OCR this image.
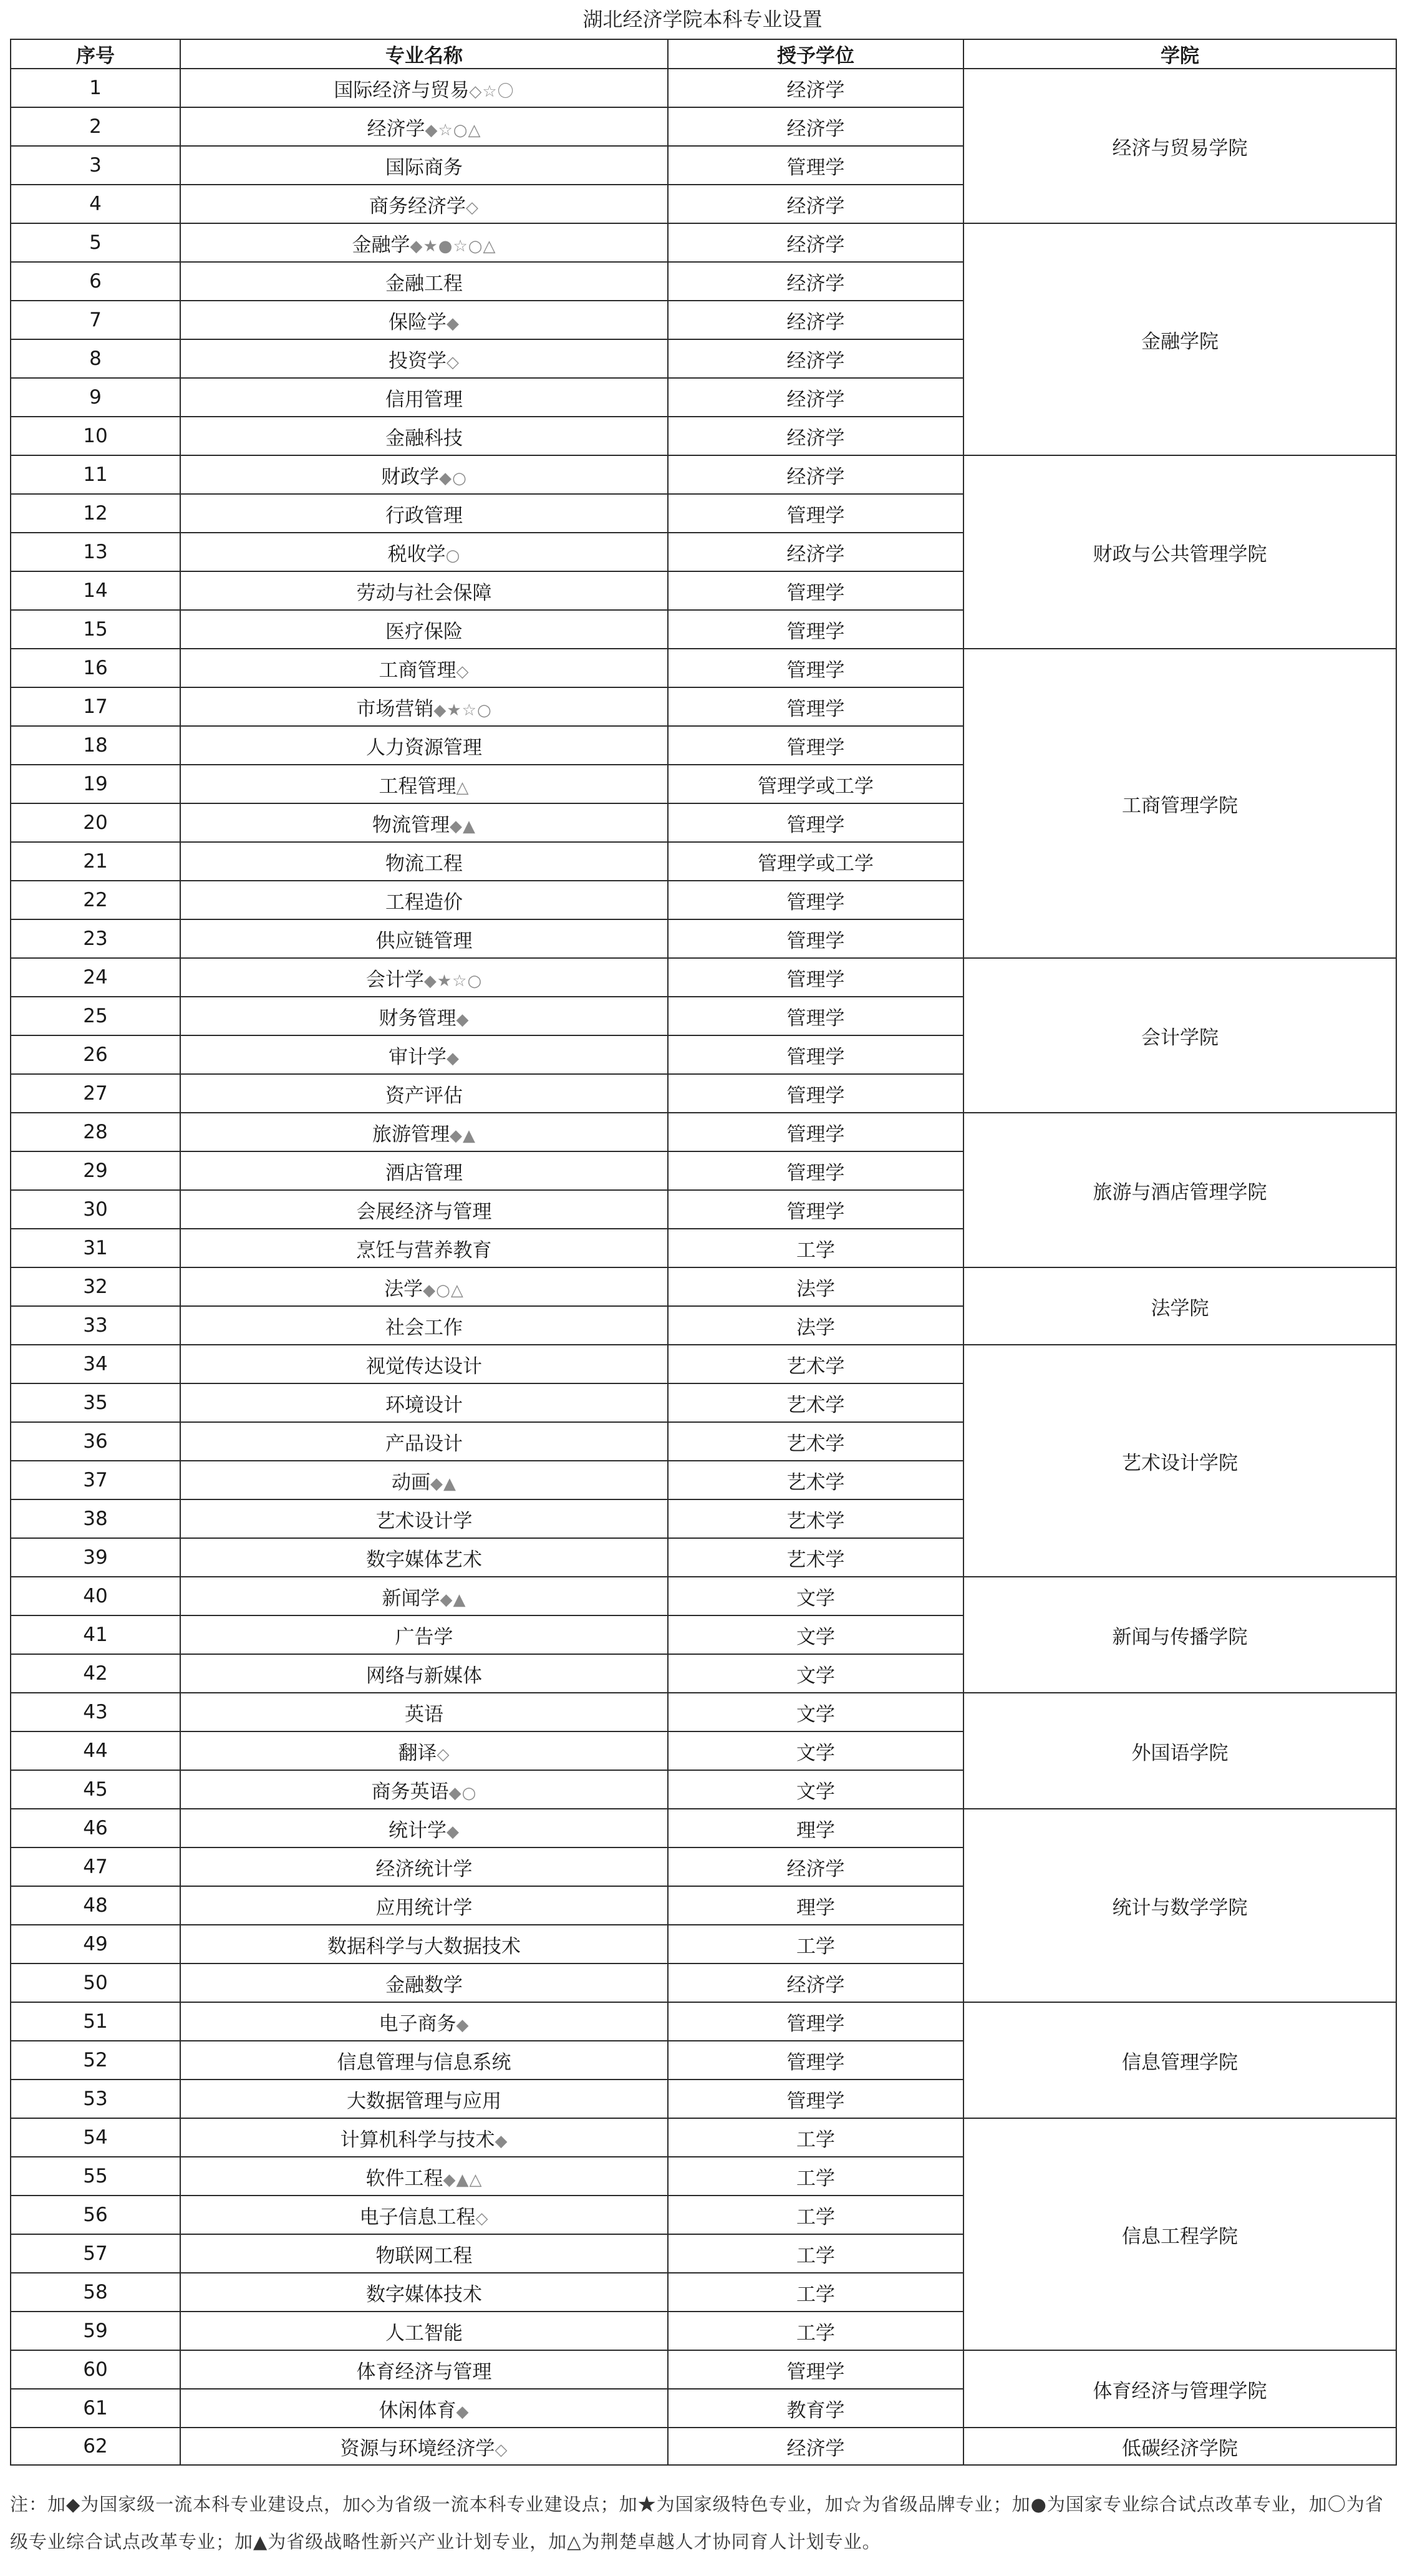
湖北经济学院本科专业设置
序号	专业名称	授予学位	学院
1	国际经济与贸易◇☆〇	经济学	经济与贸易学院
2	经济学◆☆○△	经济学	
3	国际商务	管理学	
4	商务经济学◇	经济学	
5	金融学◆★●☆○△	经济学	金融学院
6	金融工程	经济学	
7	保险学◆	经济学	
8	投资学◇	经济学	
9	信用管理	经济学	
10	金融科技	经济学	
11	财政学◆○	经济学	财政与公共管理学院
12	行政管理	管理学	
13	税收学○	经济学	
14	劳动与社会保障	管理学	
15	医疗保险	管理学	
16	工商管理◇	管理学	工商管理学院
17	市场营销◆★☆○	管理学	
18	人力资源管理	管理学	
19	工程管理△	管理学或工学	
20	物流管理◆▲	管理学	
21	物流工程	管理学或工学	
22	工程造价	管理学	
23	供应链管理	管理学	
24	会计学◆★☆○	管理学	会计学院
25	财务管理◆	管理学	
26	审计学◆	管理学	
27	资产评估	管理学	
28	旅游管理◆▲	管理学	旅游与酒店管理学院
29	酒店管理	管理学	
30	会展经济与管理	管理学	
31	烹饪与营养教育	工学	
32	法学◆○△	法学	法学院
33	社会工作	法学	
34	视觉传达设计	艺术学	艺术设计学院
35	环境设计	艺术学	
36	产品设计	艺术学	
37	动画◆▲	艺术学	
38	艺术设计学	艺术学	
39	数字媒体艺术	艺术学	
40	新闻学◆▲	文学	新闻与传播学院
41	广告学	文学	
42	网络与新媒体	文学	
43	英语	文学	外国语学院
44	翻译◇	文学	
45	商务英语◆○	文学	
46	统计学◆	理学	统计与数学学院
47	经济统计学	经济学	
48	应用统计学	理学	
49	数据科学与大数据技术	工学	
50	金融数学	经济学	
51	电子商务◆	管理学	信息管理学院
52	信息管理与信息系统	管理学	
53	大数据管理与应用	管理学	
54	计算机科学与技术◆	工学	信息工程学院
55	软件工程◆▲△	工学	
56	电子信息工程◇	工学	
57	物联网工程	工学	
58	数字媒体技术	工学	
59	人工智能	工学	
60	体育经济与管理	管理学	体育经济与管理学院
61	休闲体育◆	教育学	
62	资源与环境经济学◇	经济学	低碳经济学院
注：加◆为国家级一流本科专业建设点，加◇为省级一流本科专业建设点；加★为国家级特色专业，加☆为省级品牌专业；加●为国家专业综合试点改革专业，加〇为省级专业综合试点改革专业；加▲为省级战略性新兴产业计划专业，加△为荆楚卓越人才协同育人计划专业。
